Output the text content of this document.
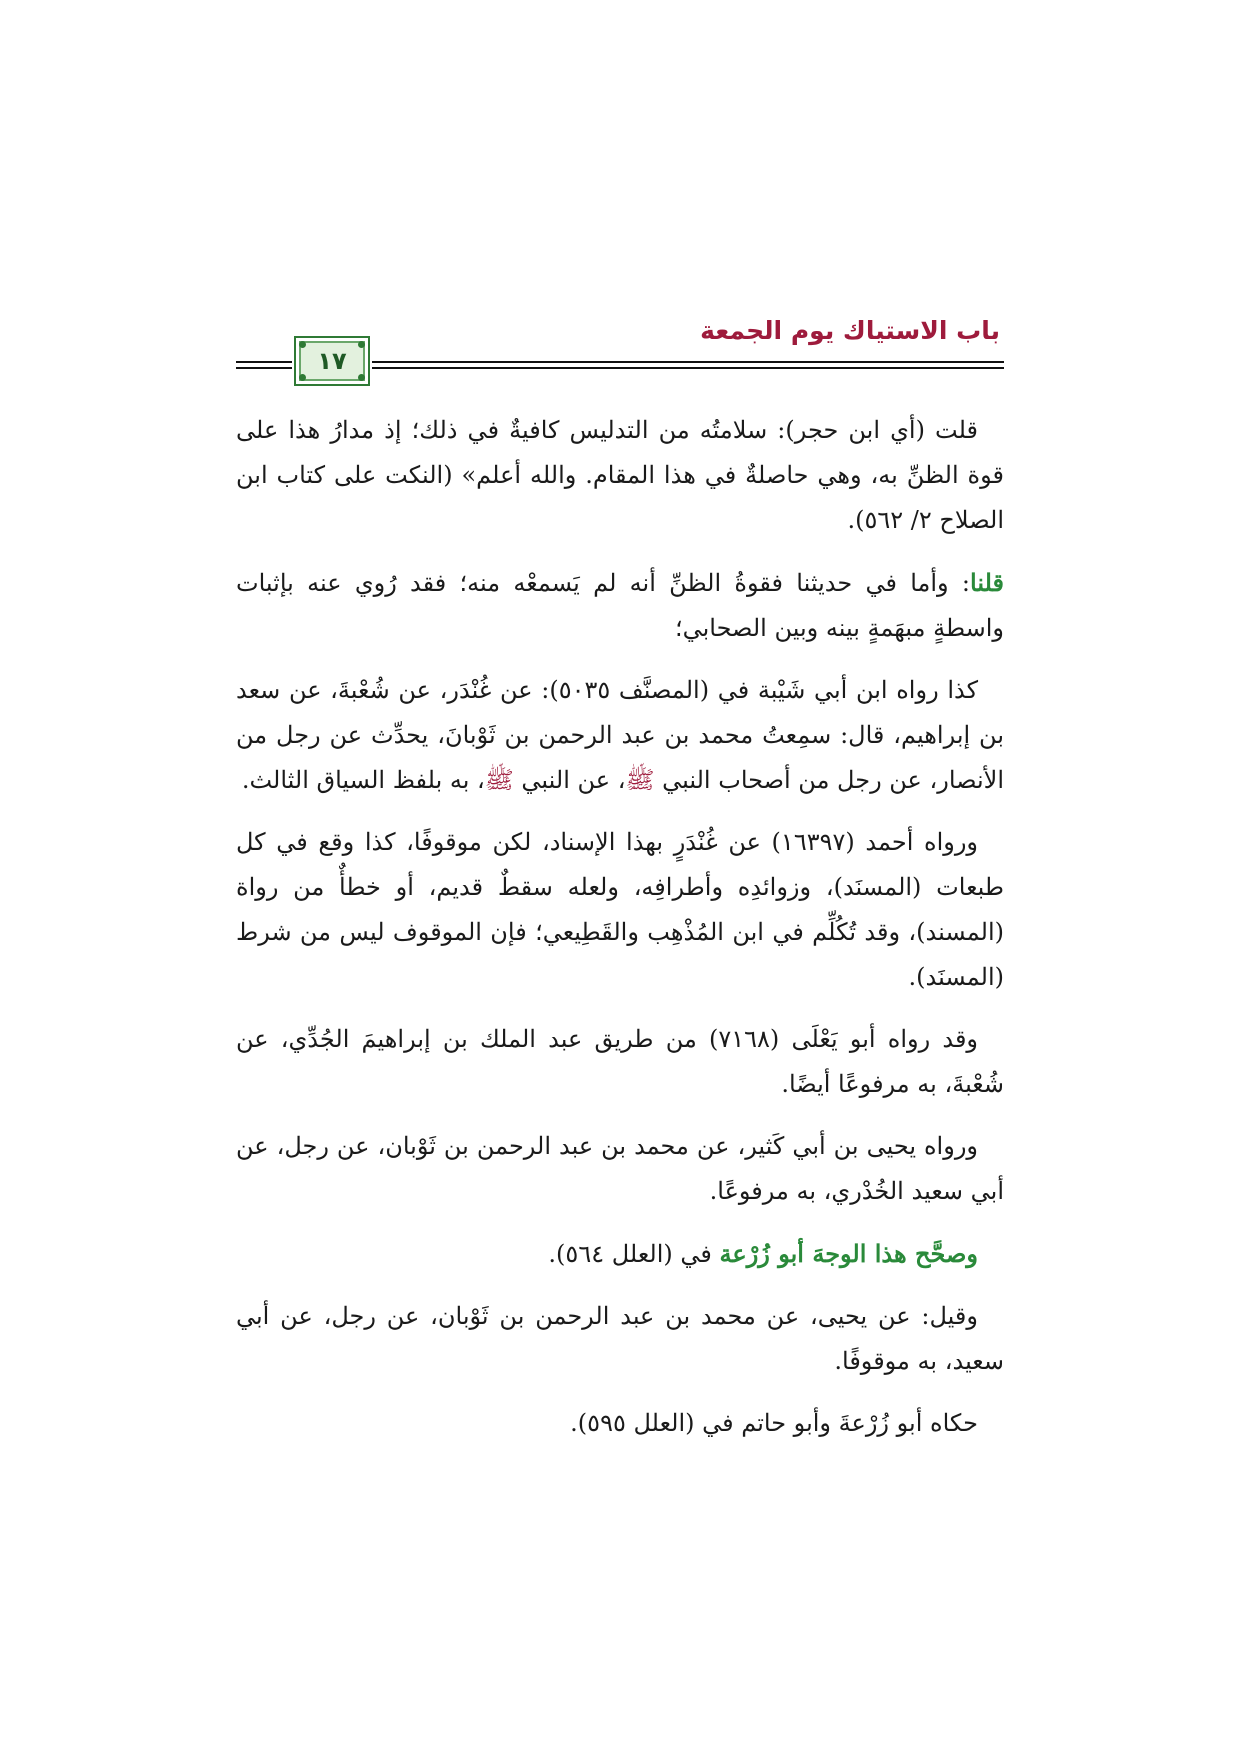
باب الاستياك يوم الجمعة
١٧

قلت (أي ابن حجر): سلامتُه من التدليس كافيةٌ في ذلك؛ إذ مدارُ هذا على قوة الظنِّ به، وهي حاصلةٌ في هذا المقام. والله أعلم» (النكت على كتاب ابن الصلاح ٢/ ٥٦٢).

قلنا: وأما في حديثنا فقوةُ الظنِّ أنه لم يَسمعْه منه؛ فقد رُوي عنه بإثبات واسطةٍ مبهَمةٍ بينه وبين الصحابي؛

كذا رواه ابن أبي شَيْبة في (المصنَّف ٥٠٣٥): عن غُنْدَر، عن شُعْبةَ، عن سعد بن إبراهيم، قال: سمِعتُ محمد بن عبد الرحمن بن ثَوْبانَ، يحدِّث عن رجل من الأنصار، عن رجل من أصحاب النبي ﷺ، عن النبي ﷺ، به بلفظ السياق الثالث.

ورواه أحمد (١٦٣٩٧) عن غُنْدَرٍ بهذا الإسناد، لكن موقوفًا، كذا وقع في كل طبعات (المسنَد)، وزوائدِه وأطرافِه، ولعله سقطٌ قديم، أو خطأٌ من رواة (المسند)، وقد تُكُلِّم في ابن المُذْهِب والقَطِيعي؛ فإن الموقوف ليس من شرط (المسنَد).

وقد رواه أبو يَعْلَى (٧١٦٨) من طريق عبد الملك بن إبراهيمَ الجُدِّي، عن شُعْبةَ، به مرفوعًا أيضًا.

ورواه يحيى بن أبي كَثير، عن محمد بن عبد الرحمن بن ثَوْبان، عن رجل، عن أبي سعيد الخُدْري، به مرفوعًا.

وصحَّح هذا الوجهَ أبو زُرْعة في (العلل ٥٦٤).

وقيل: عن يحيى، عن محمد بن عبد الرحمن بن ثَوْبان، عن رجل، عن أبي سعيد، به موقوفًا.

حكاه أبو زُرْعةَ وأبو حاتم في (العلل ٥٩٥).
